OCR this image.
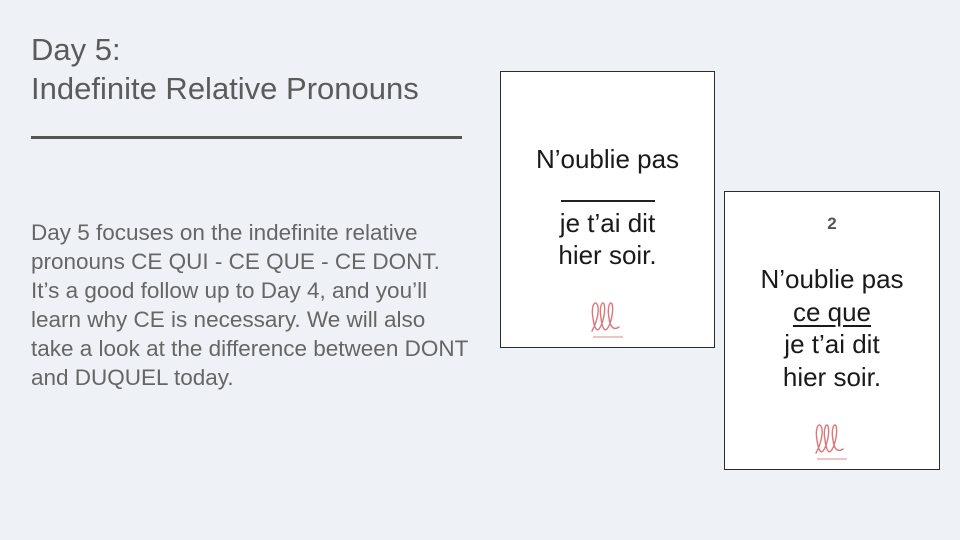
Day 5:
Indefinite Relative Pronouns

Day 5 focuses on the indefinite relative pronouns CE QUI - CE QUE - CE DONT. It’s a good follow up to Day 4, and you’ll learn why CE is necessary. We will also take a look at the difference between DONT and DUQUEL today.

N’oublie pas
je t’ai dit
hier soir.
2
N’oublie pas
ce que
je t’ai dit
hier soir.
